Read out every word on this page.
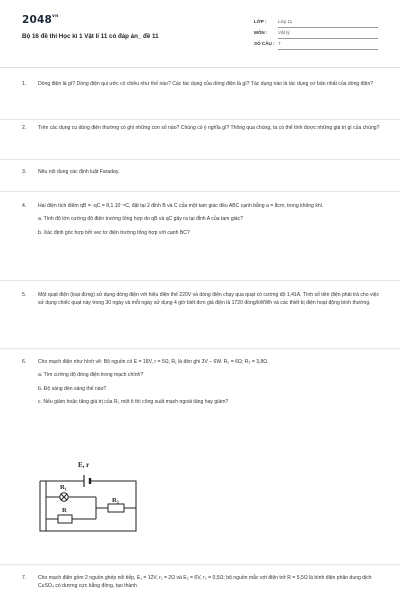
$2048^{vn}$
Bộ 16 đề thi Học kì 1 Vật lí 11 có đáp án_ đề 11
LỚP : Lớp 11
MÔN : Vật lý
SỐ CÂU : 7
1. Dòng điện là gì? Dòng điện qui ước có chiều như thế nào? Các tác dụng của dòng điện là gì? Tác dụng nào là tác dụng cơ bản nhất của dòng điện?
2. Trên các dụng cụ dùng điện thường có ghi những con số nào? Chúng có ý nghĩa gì? Thông qua chúng, ta có thể tính được những giá trị gì của chúng?
3. Nêu nội dung các định luật Faraday.
4. Hai điện tích điểm qB = -qC = 8,1.10⁻⁸C, đặt tại 2 đỉnh B và C của một tam giác đều ABC cạnh bằng a = 8cm, trong không khí.
a. Tính độ lớn cường độ điện trường tổng hợp do qB và qC gây ra tại đỉnh A của tam giác?
b. Xác định góc hợp bởi vec tơ điện trường tổng hợp với cạnh BC?
5. Một quạt điện (loại đứng) sử dụng dòng điện với hiệu điện thế 220V và dòng điện chạy qua quạt có cường độ 1,41A. Tính số tiền điện phải trả cho việc sử dụng chiếc quạt này trong 30 ngày và mỗi ngày sử dụng 4 giờ biết đơn giá điện là 1720 đồng/kWWh và các thiết bị điện hoạt động bình thường.
6. Cho mạch điện như hình vẽ: Bộ nguồn có E = 18V, r = 5Ω, R₁ là đèn ghi 3V – 6W. R₂ = 6Ω; R₃ = 3,8Ω.
a. Tìm cường độ dòng điện trong mạch chính?
b. Độ sáng đèn sáng thế nào?
c. Nếu giảm hoặc tăng giá trị của R₂ một ít thì công suất mạch ngoài tăng hay giảm?
E, r
R₁
R
R₃
7. Cho mạch điện gồm 2 nguồn ghép nối tiếp, E₁ = 12V, r₁ = 2Ω và E₂ = 6V, r₂ = 0,5Ω; bộ nguồn mắc với điện trở R = 5,5Ω là bình điện phân dung dịch CuSO₄ có dương cực bằng đồng, tạo thành
